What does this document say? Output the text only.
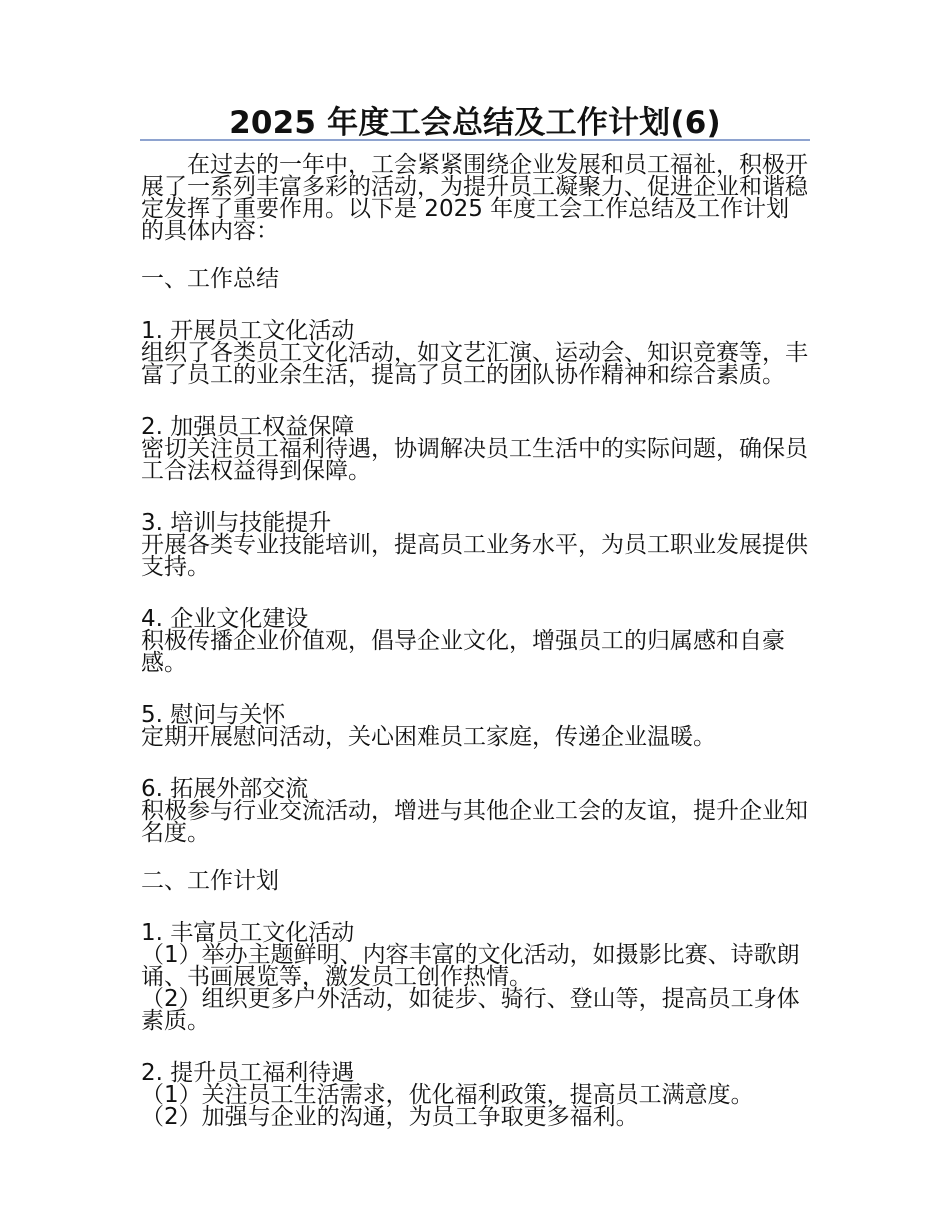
2025 年度工会总结及工作计划(6)

在过去的一年中，工会紧紧围绕企业发展和员工福祉，积极开展了一系列丰富多彩的活动，为提升员工凝聚力、促进企业和谐稳定发挥了重要作用。以下是 2025 年度工会工作总结及工作计划的具体内容：

一、工作总结

1. 开展员工文化活动

组织了各类员工文化活动，如文艺汇演、运动会、知识竞赛等，丰富了员工的业余生活，提高了员工的团队协作精神和综合素质。

2. 加强员工权益保障

密切关注员工福利待遇，协调解决员工生活中的实际问题，确保员工合法权益得到保障。

3. 培训与技能提升

开展各类专业技能培训，提高员工业务水平，为员工职业发展提供支持。

4. 企业文化建设

积极传播企业价值观，倡导企业文化，增强员工的归属感和自豪感。

5. 慰问与关怀

定期开展慰问活动，关心困难员工家庭，传递企业温暖。

6. 拓展外部交流

积极参与行业交流活动，增进与其他企业工会的友谊，提升企业知名度。

二、工作计划

1. 丰富员工文化活动

（1）举办主题鲜明、内容丰富的文化活动，如摄影比赛、诗歌朗诵、书画展览等，激发员工创作热情。

（2）组织更多户外活动，如徒步、骑行、登山等，提高员工身体素质。

2. 提升员工福利待遇

（1）关注员工生活需求，优化福利政策，提高员工满意度。

（2）加强与企业的沟通，为员工争取更多福利。
